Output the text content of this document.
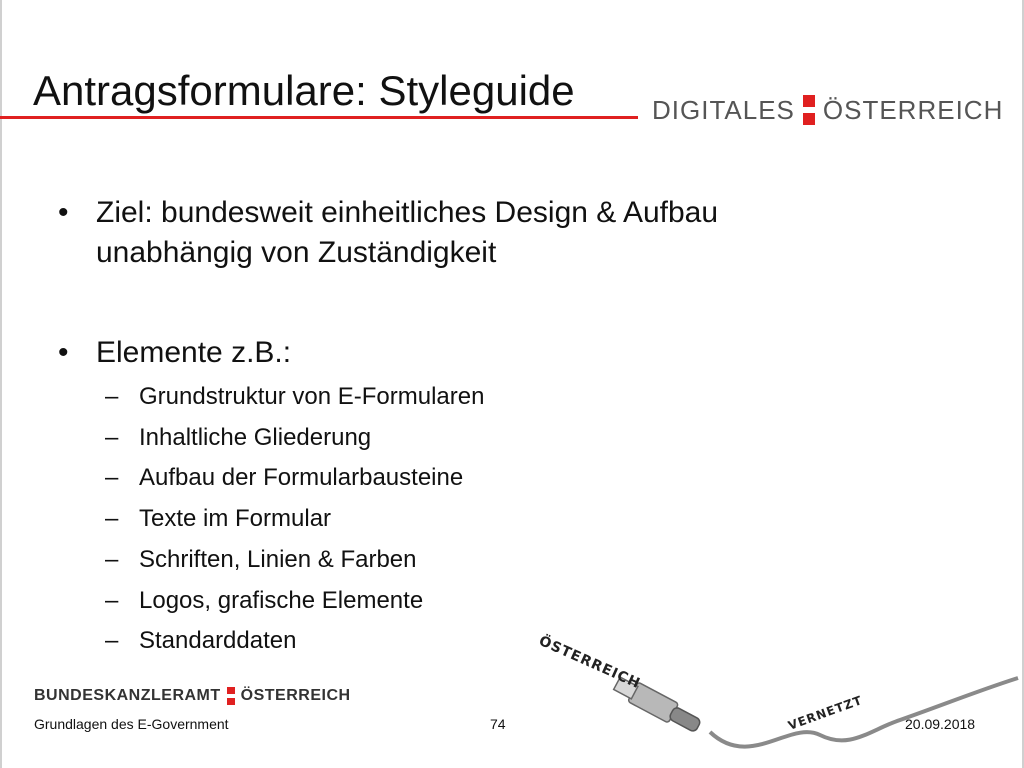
Antragsformulare: Styleguide	DIGITALES ÖSTERREICH
• Ziel: bundesweit einheitliches Design & Aufbau
unabhängig von Zuständigkeit
• Elemente z.B.:
– Grundstruktur von E-Formularen
– Inhaltliche Gliederung
– Aufbau der Formularbausteine
– Texte im Formular
– Schriften, Linien & Farben
– Logos, grafische Elemente
– Standarddaten	ÖSTERREICH
VERNETZT
BUNDESKANZLERAMT ÖSTERREICH
Grundlagen des E-Government	74	20.09.2018
